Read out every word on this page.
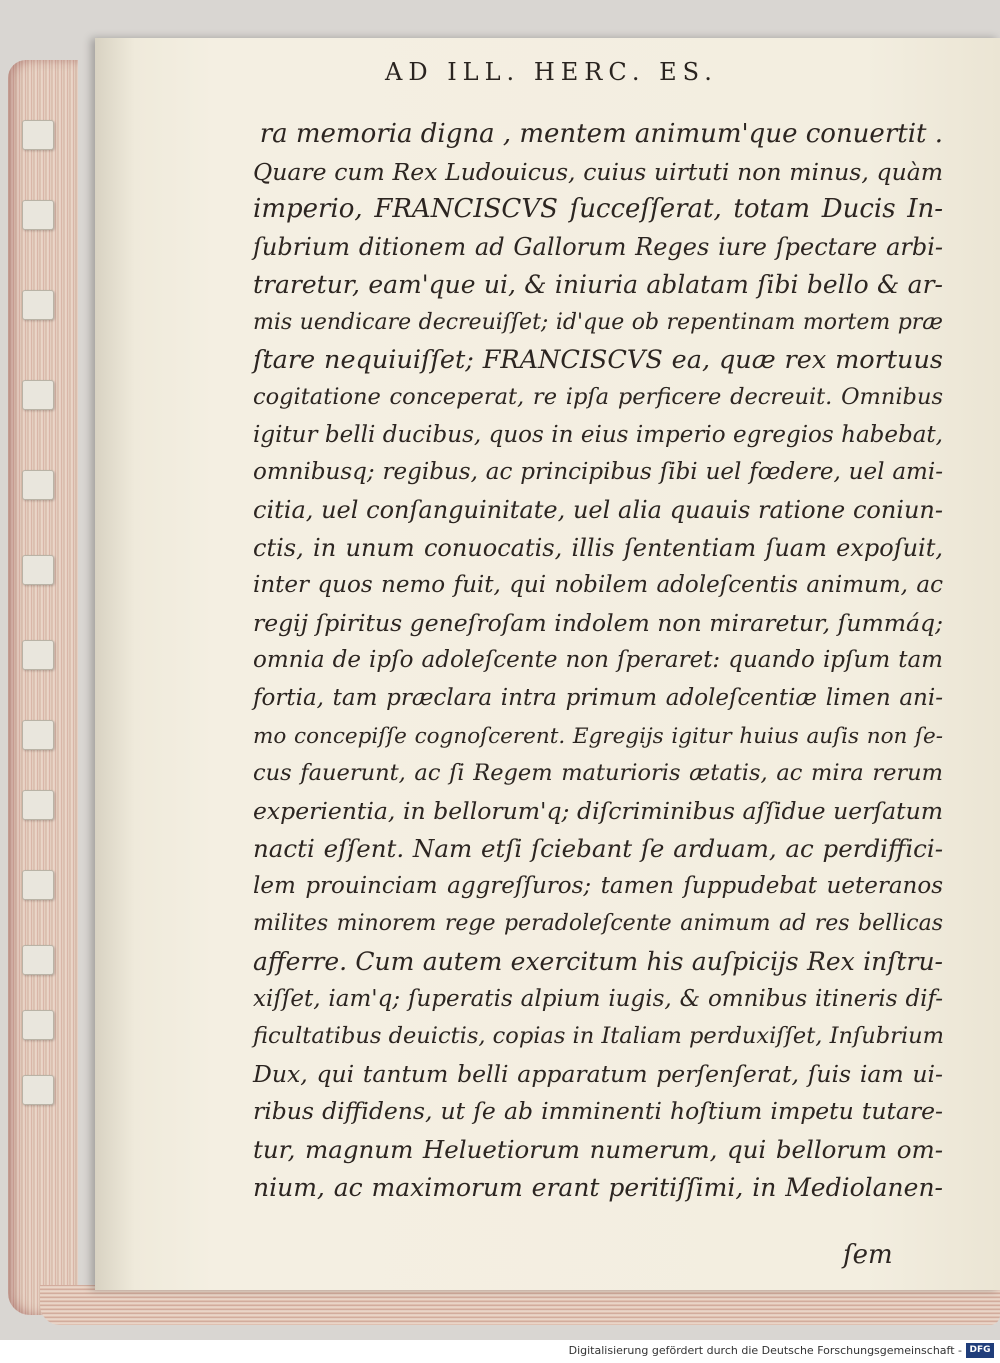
AD ILL. HERC. ES.
ra memoria digna , mentem animum'que conuertit .
Quare cum Rex Ludouicus, cuius uirtuti non minus, quàm
imperio, FRANCISCVS ſucceſſerat, totam Ducis In-
ſubrium ditionem ad Gallorum Reges iure ſpectare arbi-
traretur, eam'que ui, & iniuria ablatam ſibi bello & ar-
mis uendicare decreuiſſet; id'que ob repentinam mortem præ
ſtare nequiuiſſet; FRANCISCVS ea, quæ rex mortuus
cogitatione conceperat, re ipſa perficere decreuit. Omnibus
igitur belli ducibus, quos in eius imperio egregios habebat,
omnibusq; regibus, ac principibus ſibi uel fœdere, uel ami-
citia, uel conſanguinitate, uel alia quauis ratione coniun-
ctis, in unum conuocatis, illis ſententiam ſuam expoſuit,
inter quos nemo fuit, qui nobilem adoleſcentis animum, ac
regij ſpiritus geneſroſam indolem non miraretur, ſummáq;
omnia de ipſo adoleſcente non ſperaret: quando ipſum tam
fortia, tam præclara intra primum adoleſcentiæ limen ani-
mo concepiſſe cognoſcerent. Egregijs igitur huius auſis non ſe-
cus fauerunt, ac ſi Regem maturioris ætatis, ac mira rerum
experientia, in bellorum'q; diſcriminibus aſſidue uerſatum
nacti eſſent. Nam etſi ſciebant ſe arduam, ac perdiffici-
lem prouinciam aggreſſuros; tamen ſuppudebat ueteranos
milites minorem rege peradoleſcente animum ad res bellicas
afferre. Cum autem exercitum his auſpicijs Rex inſtru-
xiſſet, iam'q; ſuperatis alpium iugis, & omnibus itineris dif-
ficultatibus deuictis, copias in Italiam perduxiſſet, Inſubrium
Dux, qui tantum belli apparatum perſenſerat, ſuis iam ui-
ribus diffidens, ut ſe ab imminenti hoſtium impetu tutare-
tur, magnum Heluetiorum numerum, qui bellorum om-
nium, ac maximorum erant peritiſſimi, in Mediolanen-
ſem
Digitalisierung gefördert durch die Deutsche Forschungsgemeinschaft - DFG
